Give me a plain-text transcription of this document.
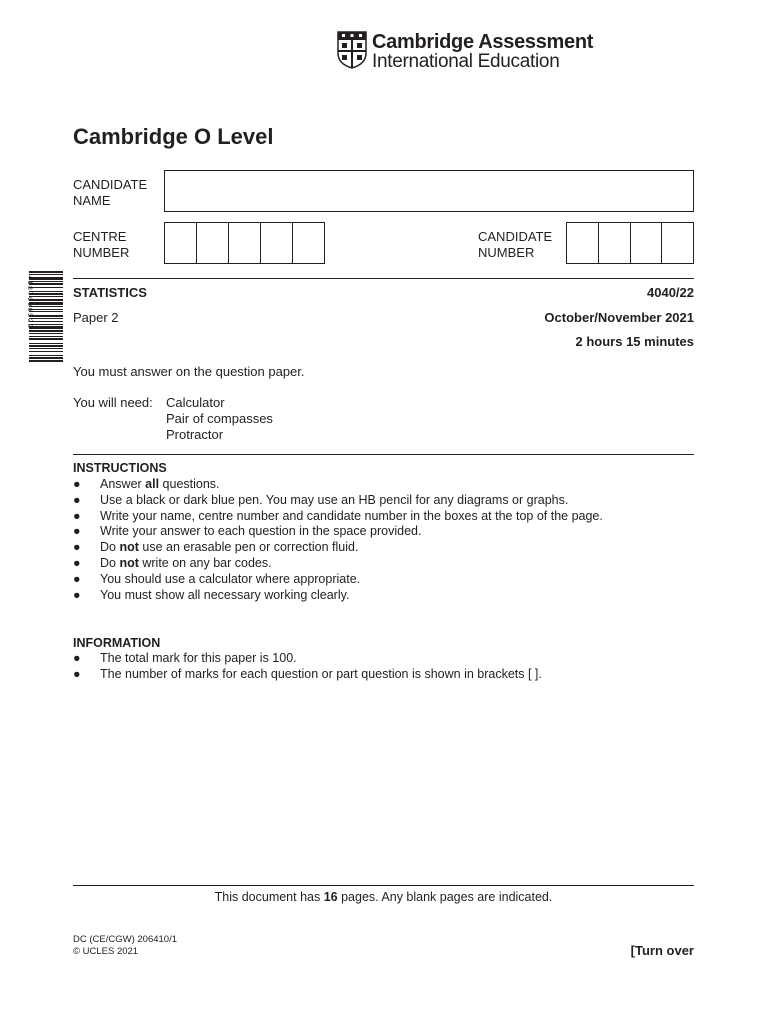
Cambridge Assessment
International Education
Cambridge O Level
CANDIDATE
NAME
CENTRE
NUMBER
CANDIDATE
NUMBER
* 4 1 8 7 6 9 6 5 2 2 *	STATISTICS	4040/22
Paper 2	October/November 2021
2 hours 15 minutes
You must answer on the question paper.
You will need: Calculator
Pair of compasses
Protractor
INSTRUCTIONS
● Answer all questions.
● Use a black or dark blue pen. You may use an HB pencil for any diagrams or graphs.
● Write your name, centre number and candidate number in the boxes at the top of the page.
● Write your answer to each question in the space provided.
● Do not use an erasable pen or correction fluid.
● Do not write on any bar codes.
● You should use a calculator where appropriate.
● You must show all necessary working clearly.
INFORMATION
● The total mark for this paper is 100.
● The number of marks for each question or part question is shown in brackets [ ].
This document has 16 pages. Any blank pages are indicated.
DC (CE/CGW) 206410/1
© UCLES 2021	[Turn over
